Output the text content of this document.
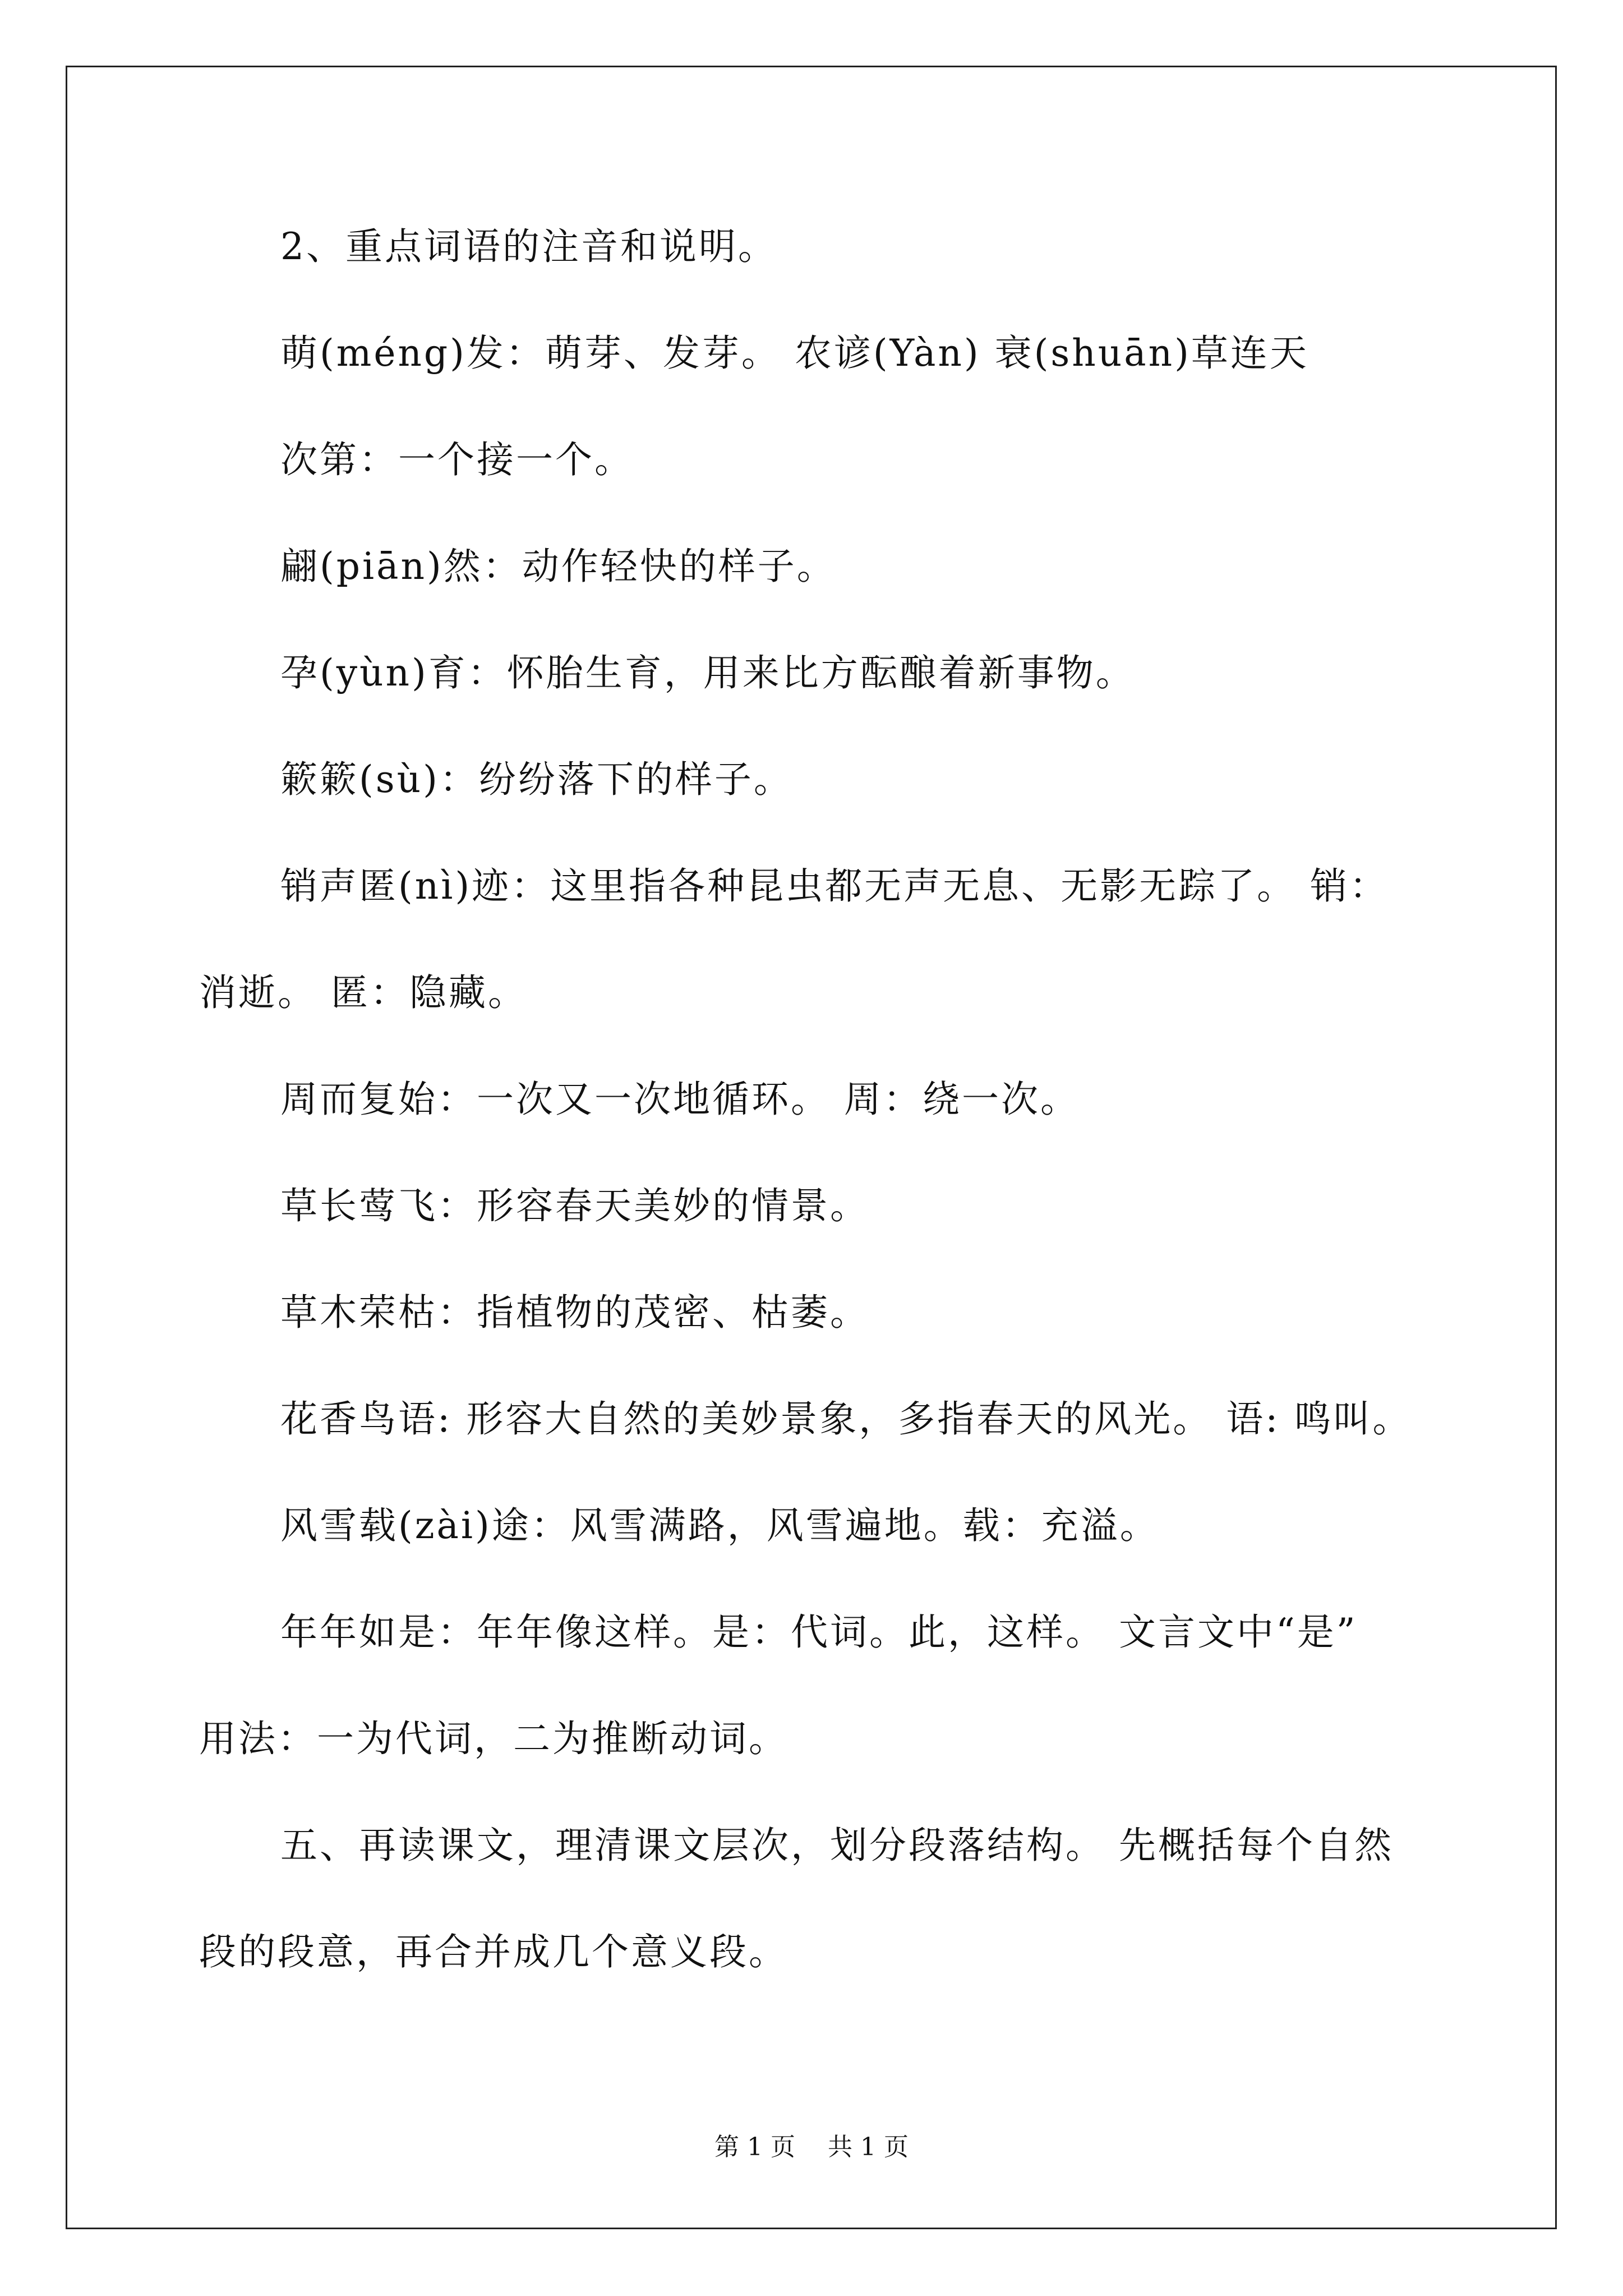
2、重点词语的注音和说明。
萌(méng)发：萌芽、发芽。 农谚(Yàn) 衰(shuān)草连天
次第：一个接一个。
翩(piān)然：动作轻快的样子。
孕(yùn)育：怀胎生育，用来比方酝酿着新事物。
簌簌(sù)：纷纷落下的样子。
销声匿(nì)迹：这里指各种昆虫都无声无息、无影无踪了。 销：
消逝。 匿：隐藏。
周而复始：一次又一次地循环。 周：绕一次。
草长莺飞：形容春天美妙的情景。
草木荣枯：指植物的茂密、枯萎。
花香鸟语: 形容大自然的美妙景象，多指春天的风光。 语: 鸣叫。
风雪载(zài)途：风雪满路，风雪遍地。载：充溢。
年年如是：年年像这样。是：代词。此，这样。 文言文中“是”
用法：一为代词，二为推断动词。
五、再读课文，理清课文层次，划分段落结构。 先概括每个自然
段的段意，再合并成几个意义段。
第 1 页　 共 1 页
